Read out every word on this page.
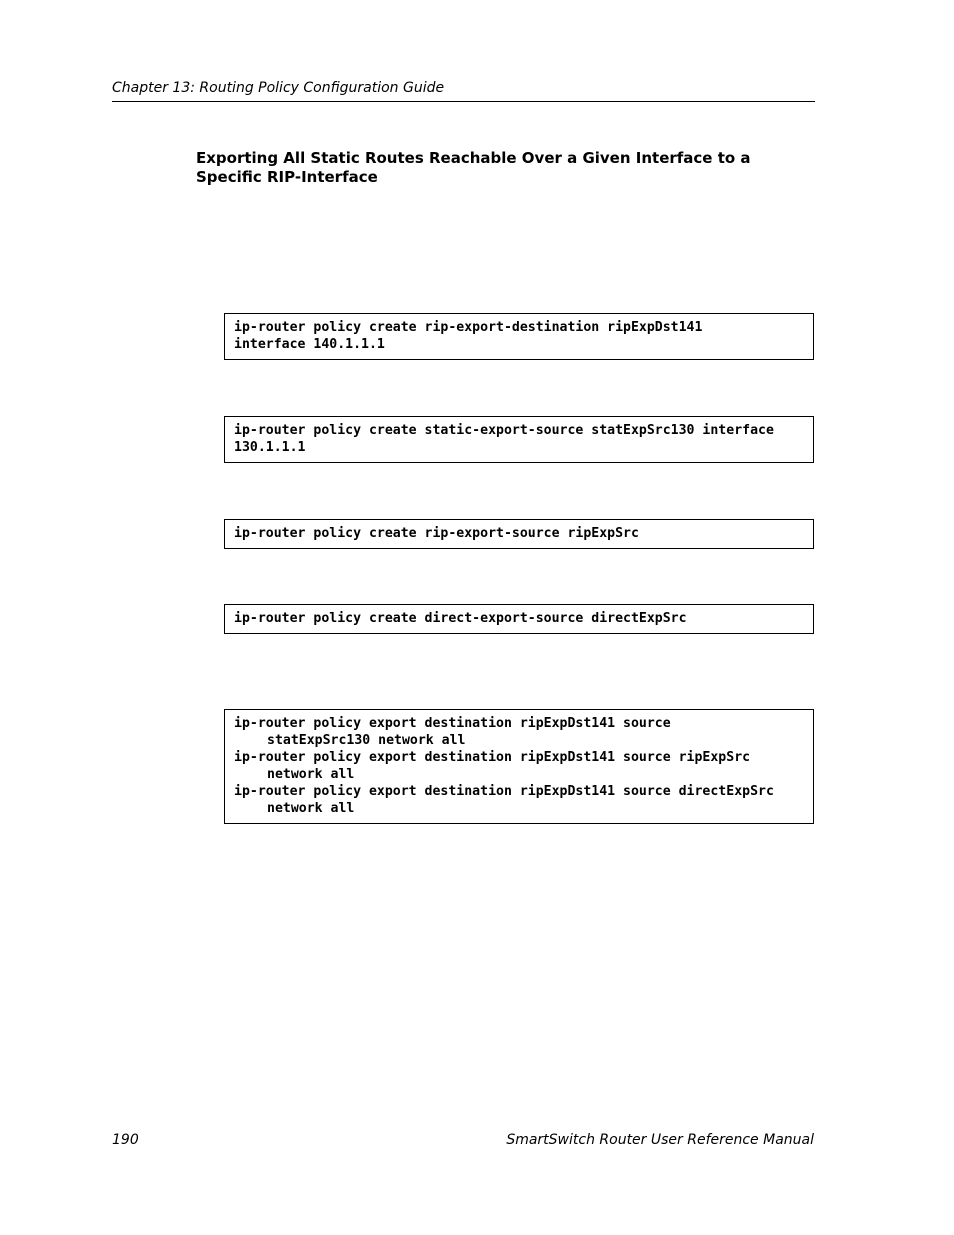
Chapter 13: Routing Policy Configuration Guide
Exporting All Static Routes Reachable Over a Given Interface to a Specific RIP-Interface
ip-router policy create rip-export-destination ripExpDst141
interface 140.1.1.1
ip-router policy create static-export-source statExpSrc130 interface
130.1.1.1
ip-router policy create rip-export-source ripExpSrc
ip-router policy create direct-export-source directExpSrc
ip-router policy export destination ripExpDst141 source
statExpSrc130 network all
ip-router policy export destination ripExpDst141 source ripExpSrc
network all
ip-router policy export destination ripExpDst141 source directExpSrc
network all
190	SmartSwitch Router User Reference Manual
